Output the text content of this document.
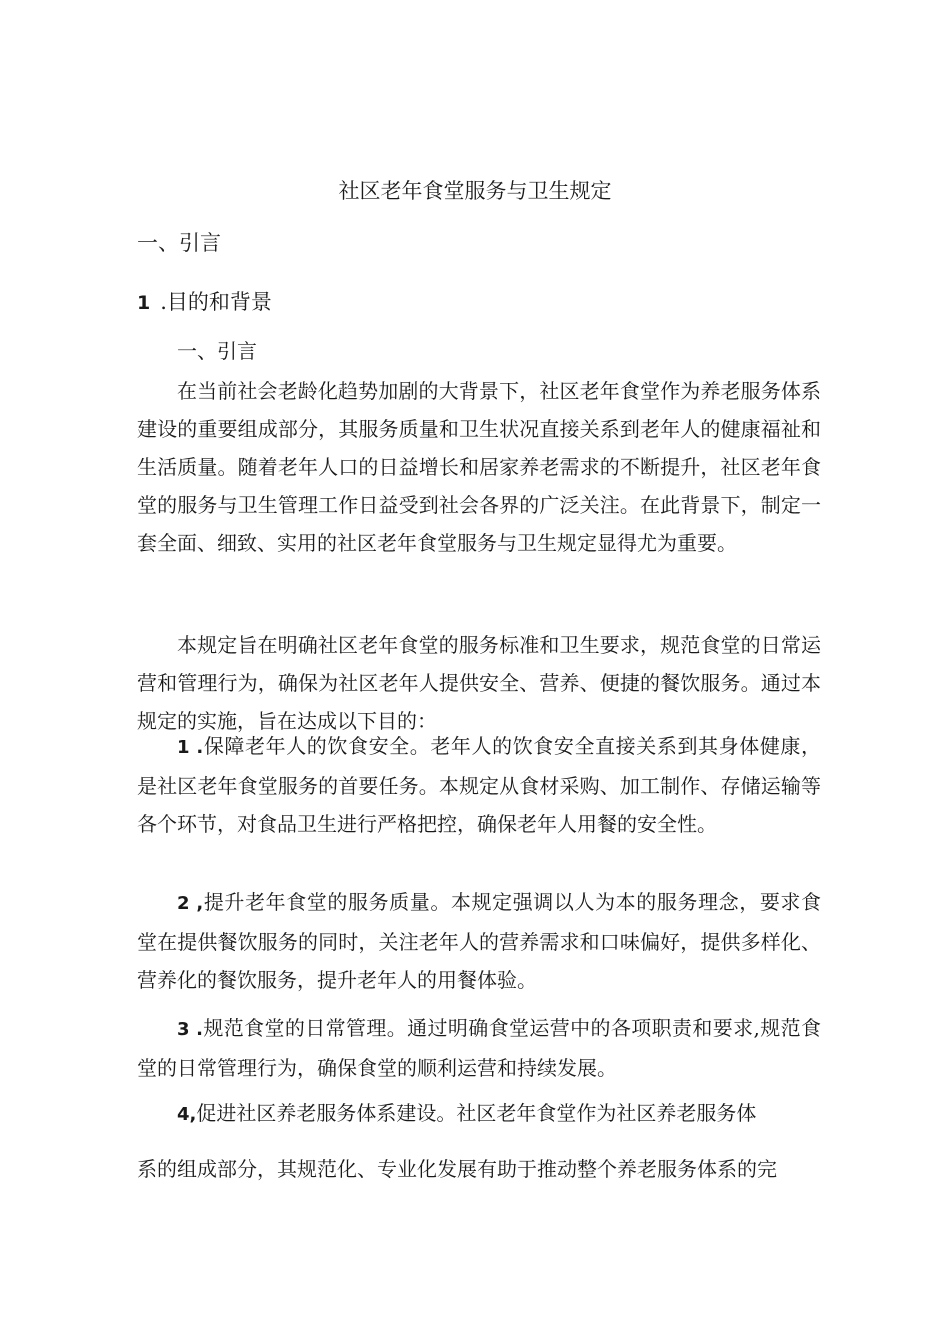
社区老年食堂服务与卫生规定
一、引言
1 .目的和背景
一、引言

在当前社会老龄化趋势加剧的大背景下，社区老年食堂作为养老服务体系建设的重要组成部分，其服务质量和卫生状况直接关系到老年人的健康福祉和生活质量。随着老年人口的日益增长和居家养老需求的不断提升，社区老年食堂的服务与卫生管理工作日益受到社会各界的广泛关注。在此背景下，制定一套全面、细致、实用的社区老年食堂服务与卫生规定显得尤为重要。

本规定旨在明确社区老年食堂的服务标准和卫生要求，规范食堂的日常运营和管理行为，确保为社区老年人提供安全、营养、便捷的餐饮服务。通过本规定的实施，旨在达成以下目的：

1 .保障老年人的饮食安全。老年人的饮食安全直接关系到其身体健康，是社区老年食堂服务的首要任务。本规定从食材采购、加工制作、存储运输等各个环节，对食品卫生进行严格把控，确保老年人用餐的安全性。

2 ,提升老年食堂的服务质量。本规定强调以人为本的服务理念，要求食堂在提供餐饮服务的同时，关注老年人的营养需求和口味偏好，提供多样化、营养化的餐饮服务，提升老年人的用餐体验。

3 .规范食堂的日常管理。通过明确食堂运营中的各项职责和要求,规范食堂的日常管理行为，确保食堂的顺利运营和持续发展。

4,促进社区养老服务体系建设。社区老年食堂作为社区养老服务体

系的组成部分，其规范化、专业化发展有助于推动整个养老服务体系的完
